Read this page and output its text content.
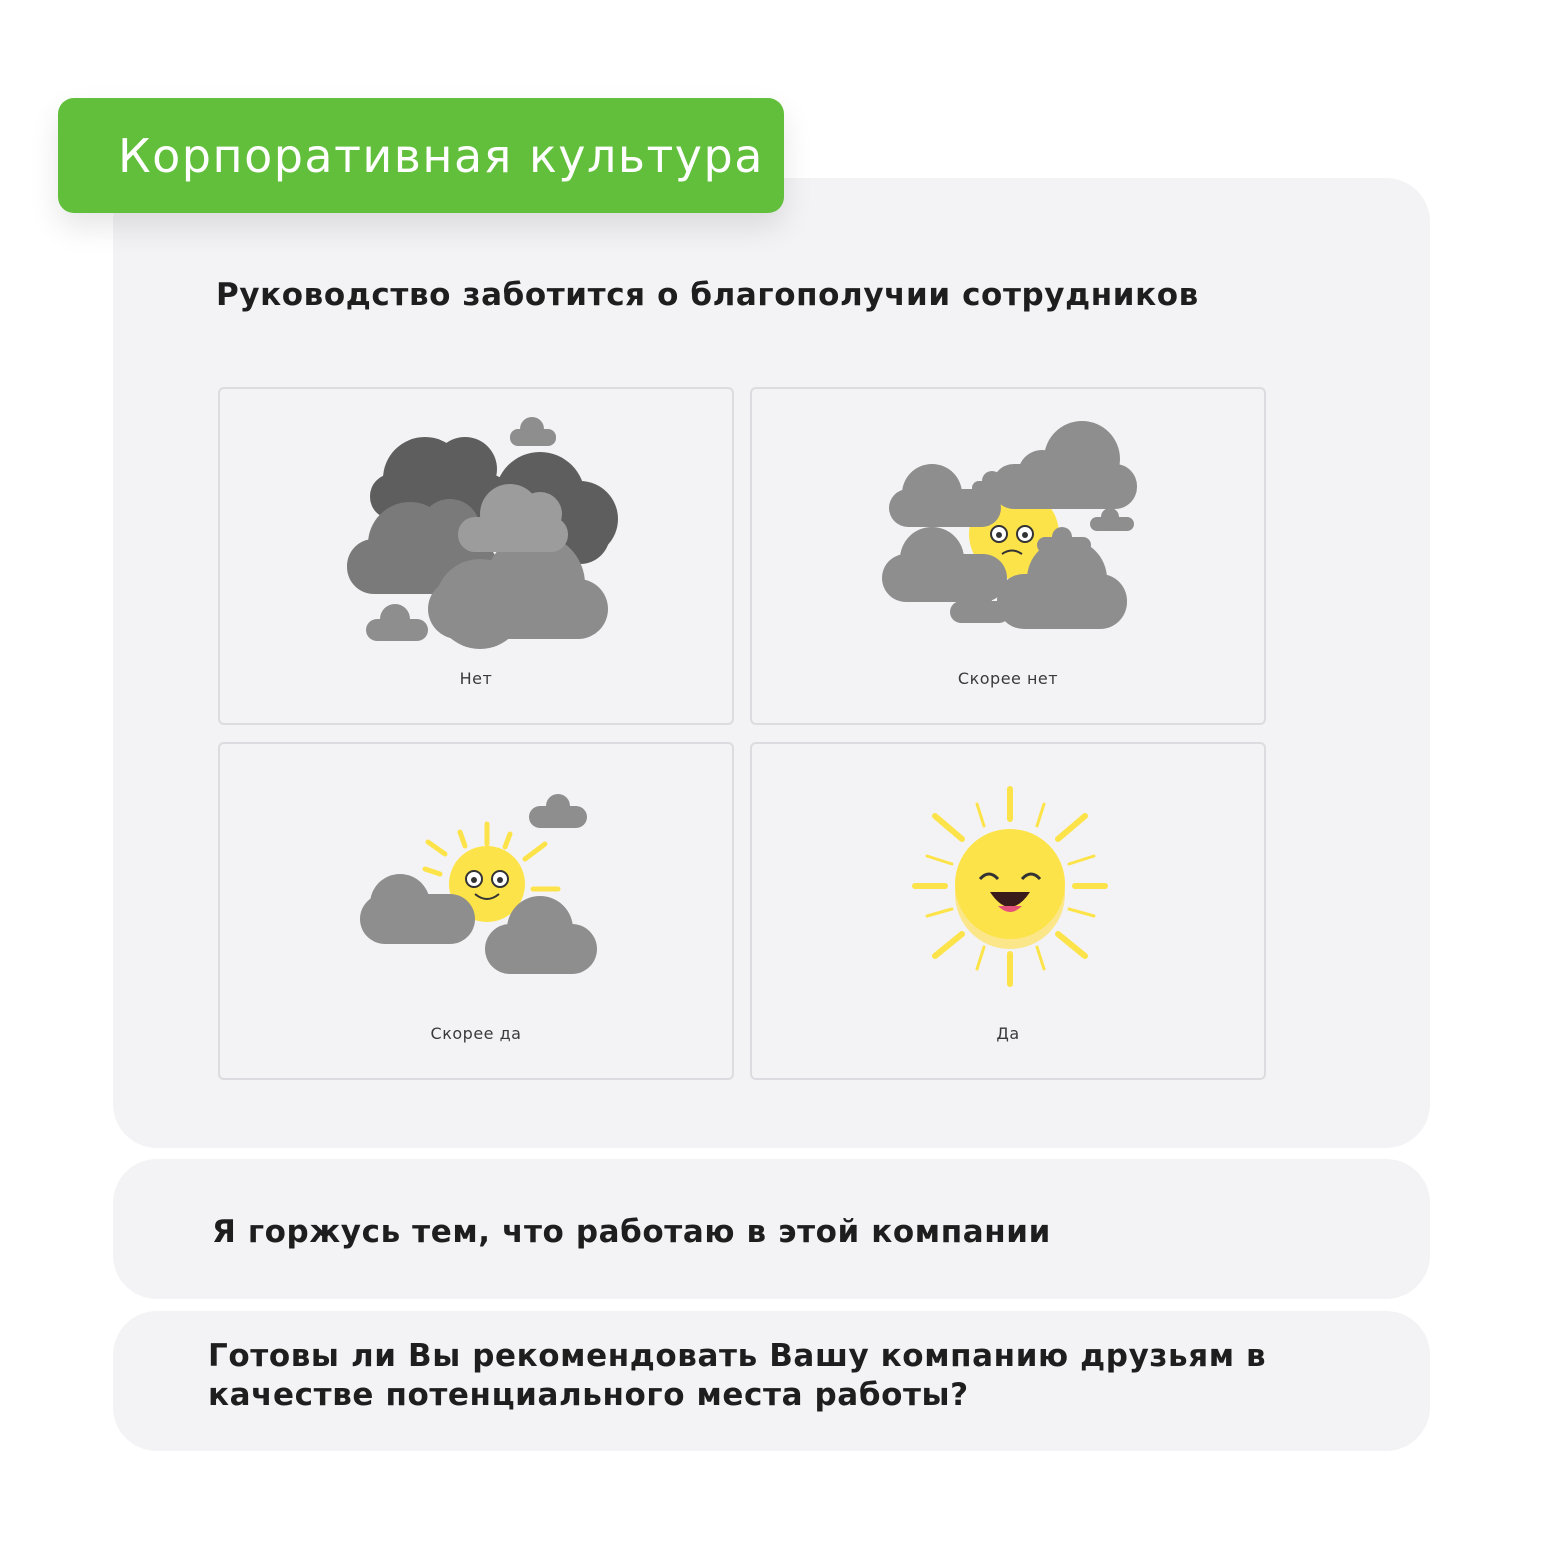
Корпоративная культура
Руководство заботится о благополучии сотрудников
Нет	Скорее нет
Скорее да	Да
Я горжусь тем, что работаю в этой компании
Готовы ли Вы рекомендовать Вашу компанию друзьям в качестве потенциального места работы?
